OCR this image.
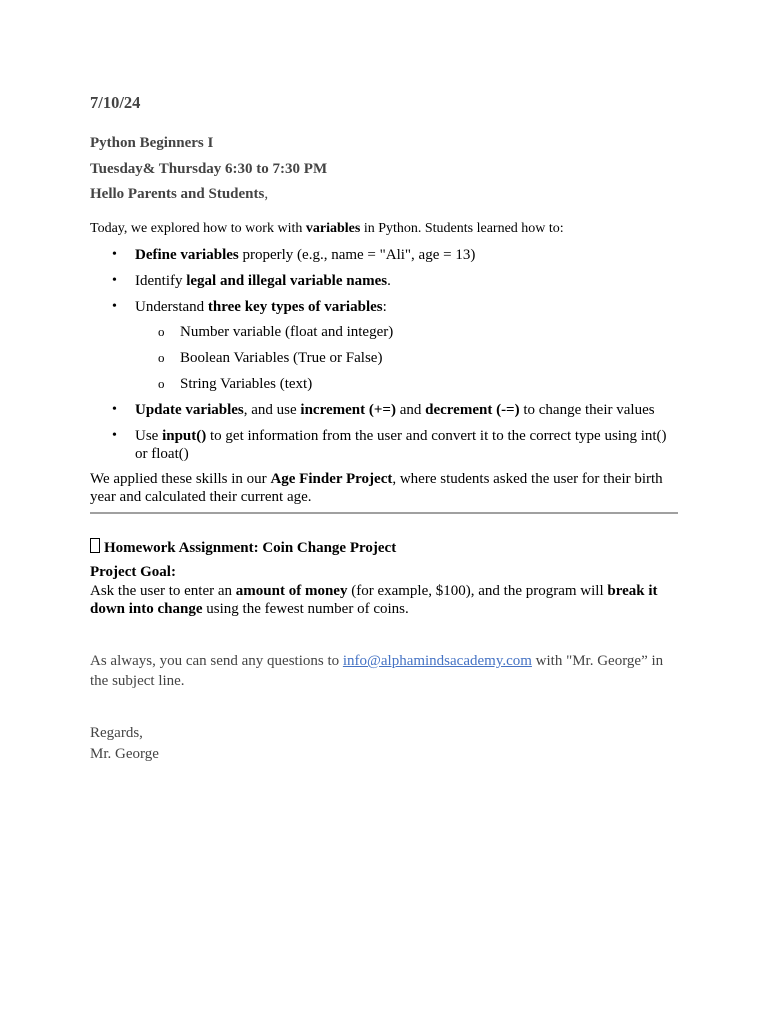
7/10/24
Python Beginners I
Tuesday& Thursday 6:30 to 7:30 PM
Hello Parents and Students,
Today, we explored how to work with variables in Python. Students learned how to:
• Define variables properly (e.g., name = "Ali", age = 13)
• Identify legal and illegal variable names.
• Understand three key types of variables:
o Number variable (float and integer)
o Boolean Variables (True or False)
o String Variables (text)
• Update variables, and use increment (+=) and decrement (-=) to change their values
• Use input() to get information from the user and convert it to the correct type using int() or float()
We applied these skills in our Age Finder Project, where students asked the user for their birth year and calculated their current age.
Homework Assignment: Coin Change Project
Project Goal:
Ask the user to enter an amount of money (for example, $100), and the program will break it down into change using the fewest number of coins.
As always, you can send any questions to info@alphamindsacademy.com with "Mr. George” in the subject line.
Regards,
Mr. George
